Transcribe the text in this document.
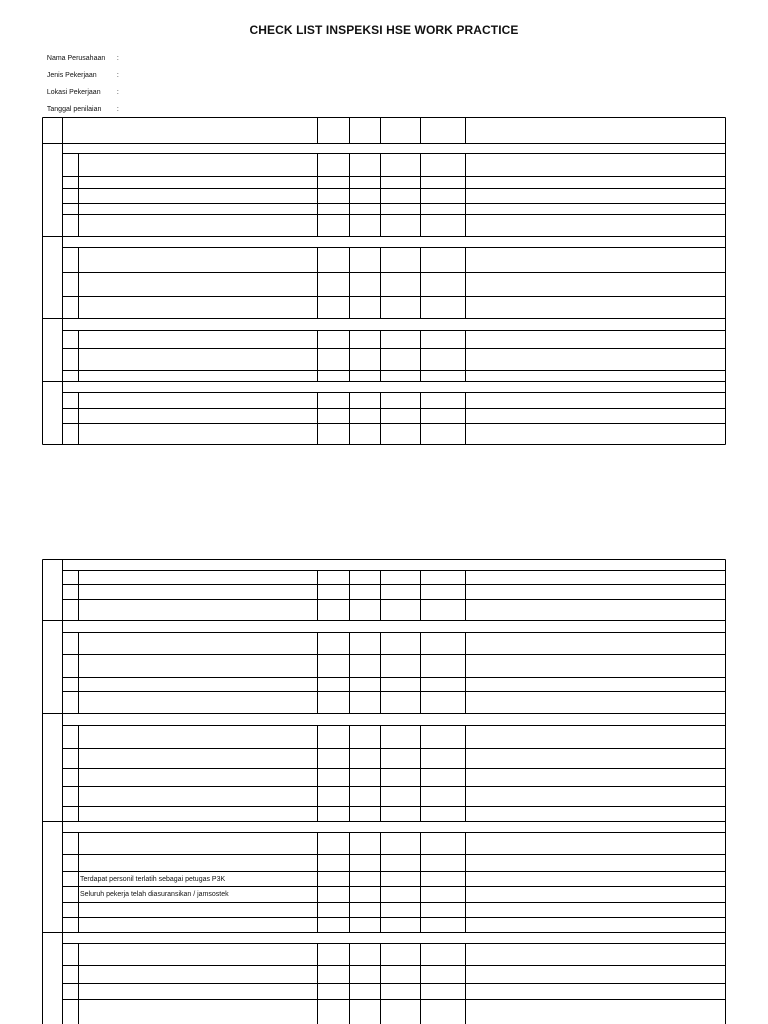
CHECK LIST INSPEKSI HSE WORK PRACTICE

Nama Perusahaan :

Jenis Pekerjaan	:

Lokasi Pekerjaan :

Tanggal penilaian :

Terdapat personil terlatih sebagai petugas P3K
Seluruh pekerja telah diasuransikan / jamsostek
